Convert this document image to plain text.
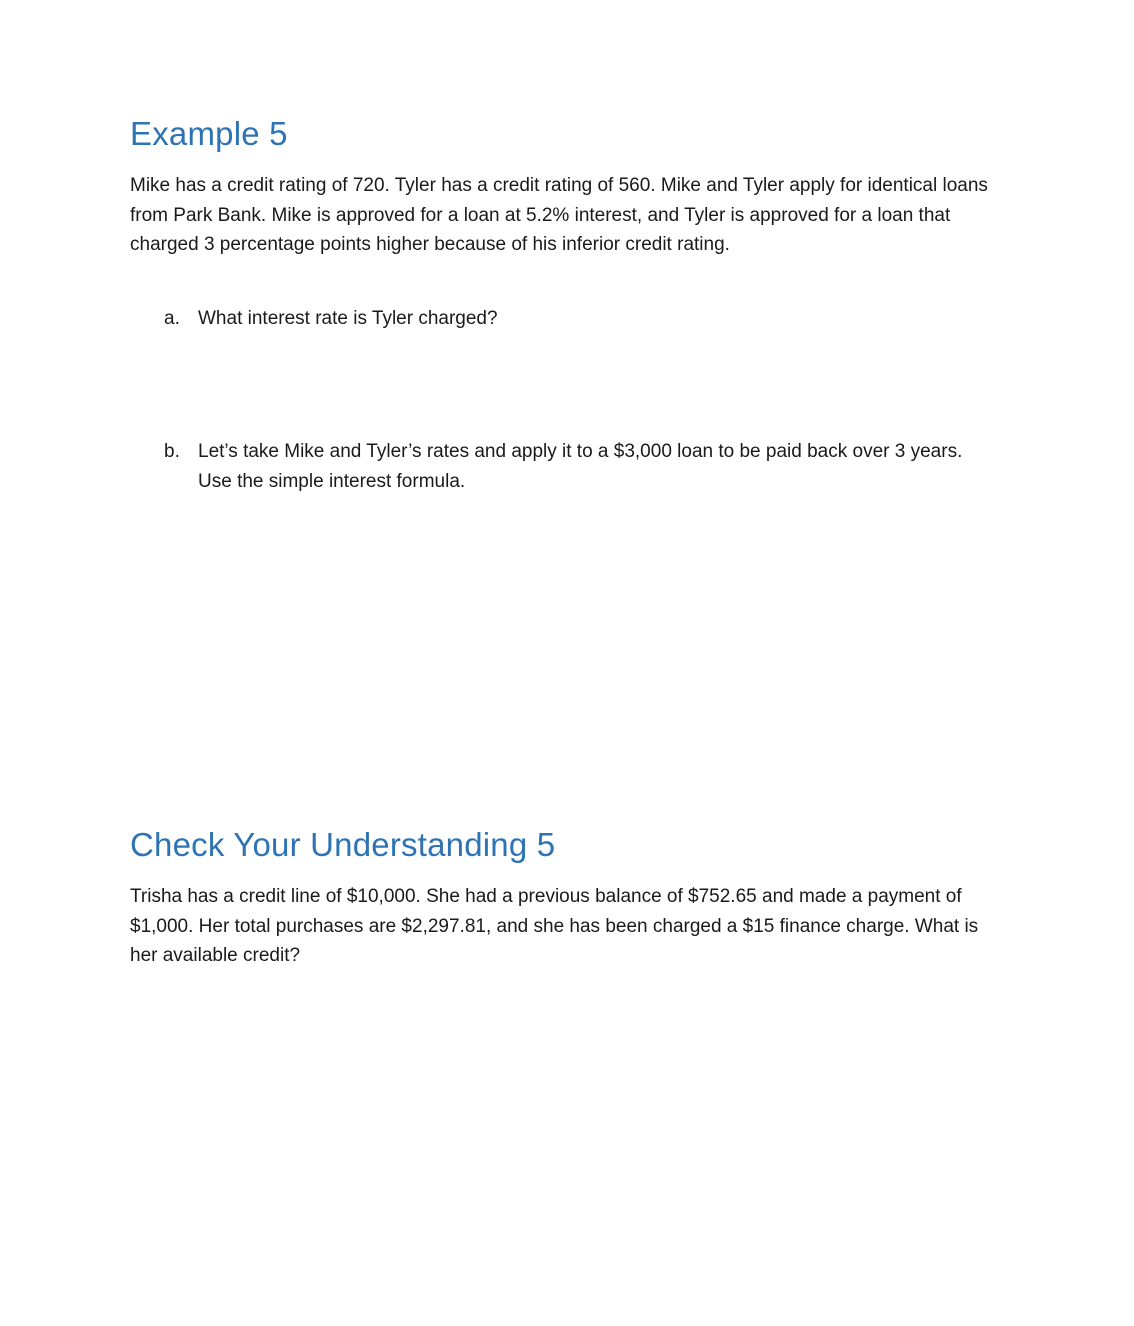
Example 5

Mike has a credit rating of 720. Tyler has a credit rating of 560. Mike and Tyler apply for identical loans from Park Bank. Mike is approved for a loan at 5.2% interest, and Tyler is approved for a loan that charged 3 percentage points higher because of his inferior credit rating.

a. What interest rate is Tyler charged?
b. Let’s take Mike and Tyler’s rates and apply it to a $3,000 loan to be paid back over 3 years. Use the simple interest formula.
Check Your Understanding 5

Trisha has a credit line of $10,000. She had a previous balance of $752.65 and made a payment of $1,000. Her total purchases are $2,297.81, and she has been charged a $15 finance charge. What is her available credit?
